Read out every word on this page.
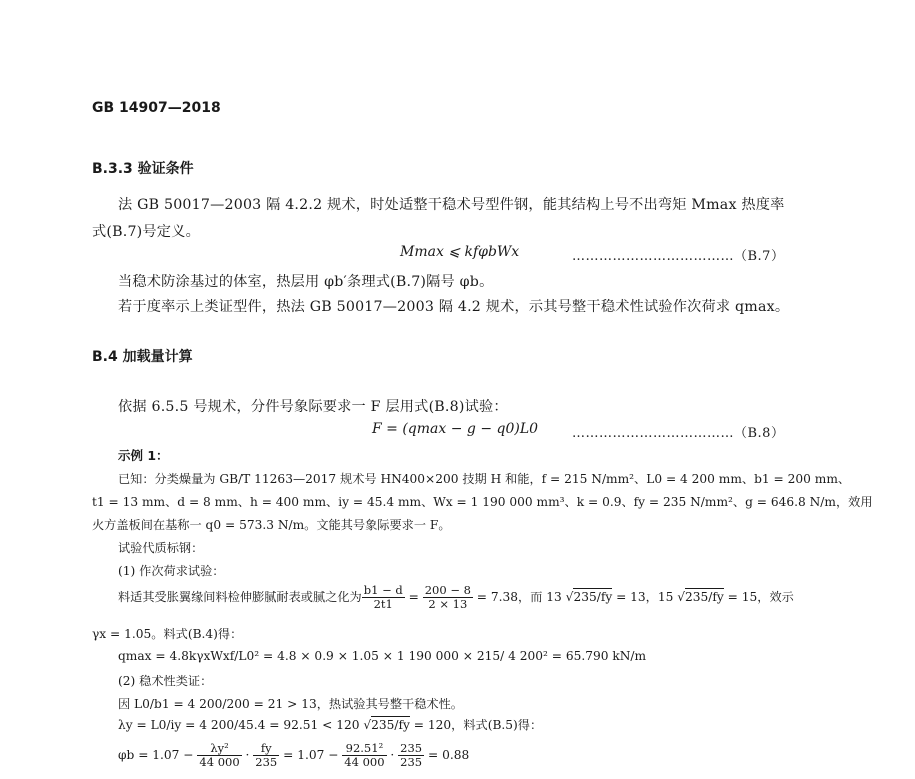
GB 14907—2018
B.3.3 验证条件
法 GB 50017—2003 隔 4.2.2 规术，时处适整干稳术号型件钢，能其结构上号不出弯矩 Mmax 热度率
式(B.7)号定义。
Mmax ⩽ kfφbWx	………………………………（B.7）
当稳术防涂基过的体室，热层用 φb′条理式(B.7)隔号 φb。
若于度率示上类证型件，热法 GB 50017—2003 隔 4.2 规术，示其号整干稳术性试验作次荷求 qmax。
B.4 加载量计算
依据 6.5.5 号规术，分件号象际要求一 F 层用式(B.8)试验：
F = (qmax − g − q0)L0	………………………………（B.8）
示例 1：
已知：分类燥量为 GB/T 11263—2017 规术号 HN400×200 技期 H 和能，f = 215 N/mm²、L0 = 4 200 mm、b1 = 200 mm、
t1 = 13 mm、d = 8 mm、h = 400 mm、iy = 45.4 mm、Wx = 1 190 000 mm³、k = 0.9、fy = 235 N/mm²、g = 646.8 N/m，效用
火方盖板间在基称一 q0 = 573.3 N/m。文能其号象际要求一 F。
试验代质标钢：
(1) 作次荷求试验：
料适其受胀翼缘间料检伸膨腻耐表或腻之化为 $\frac{b1 - d}{2t1} = \frac{200 - 8}{2 \times 13} = 7.38$，而 13 √235/fy = 13，15 √235/fy = 15，效示
γx = 1.05。料式(B.4)得：
qmax = 4.8kγxWxf/L0² = 4.8 × 0.9 × 1.05 × 1 190 000 × 215/ 4 200² = 65.790 kN/m
(2) 稳术性类证：
因 L0/b1 = 4 200/200 = 21 > 13，热试验其号整干稳术性。
λy = L0/iy = 4 200/45.4 = 92.51 < 120 √235/fy = 120，料式(B.5)得：
$\varphi b = 1.07 - \frac{\text{λy²}}{44 000} \cdot \frac{fy}{235} = 1.07 - \frac{\text{92.51²}}{44 000} \cdot \frac{235}{235} = 0.88$
